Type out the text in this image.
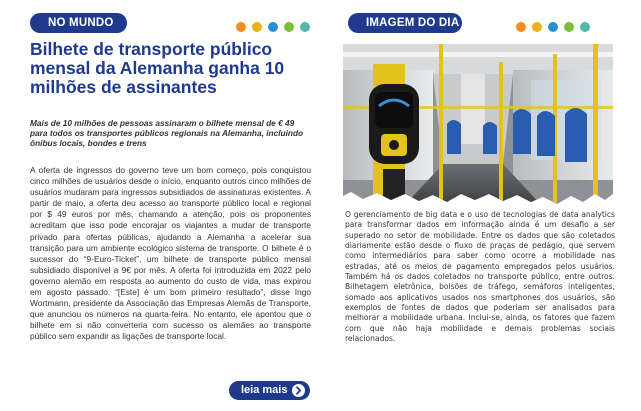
NO MUNDO	IMAGEM DO DIA
Bilhete de transporte público mensal da Alemanha ganha 10 milhões de assinantes

Mais de 10 milhões de pessoas assinaram o bilhete mensal de € 49 para todos os transportes públicos regionais na Alemanha, incluindo ônibus locais, bondes e trens

A oferta de ingressos do governo teve um bom começo, pois conquistou cinco milhões de usuários desde o início, enquanto outros cinco milhões de usuários mudaram para ingressos subsidiados de assinaturas existentes. A partir de maio, a oferta deu acesso ao transporte público local e regional por $ 49 euros por mês, chamando a atenção, pois os proponentes acreditam que isso pode encorajar os viajantes a mudar de transporte privado para ofertas públicas, ajudando a Alemanha a acelerar sua transição para um ambiente ecológico sistema de transporte. O bilhete é o sucessor do “9-Euro-Ticket”, um bilhete de transporte público mensal subsidiado disponível a 9€ por mês. A oferta foi introduzida em 2022 pelo governo alemão em resposta ao aumento do custo de vida, mas expirou em agosto passado. “[Este] é um bom primeiro resultado”, disse Ingo Wortmann, presidente da Associação das Empresas Alemãs de Transporte, que anunciou os números na quarta-feira. No entanto, ele apontou que o bilhete em si não converteria com sucesso os alemães ao transporte público sem expandir as ligações de transporte local.

leia mais

O gerenciamento de big data e o uso de tecnologias de data analytics para transformar dados em informação ainda é um desafio a ser superado no setor de mobilidade. Entre os dados que são coletados diariamente estão desde o fluxo de praças de pedágio, que servem como intermediários para saber como ocorre a mobilidade nas estradas, até os meios de pagamento empregados pelos usuários. Também há os dados coletados no transporte público, entre outros. Bilhetagem eletrônica, bolsões de tráfego, semáforos inteligentes, somado aos aplicativos usados nos smartphones dos usuários, são exemplos de fontes de dados que poderiam ser analisados para melhorar a mobilidade urbana. Inclui-se, ainda, os fatores que fazem com que não haja mobilidade e demais problemas sociais relacionados.
